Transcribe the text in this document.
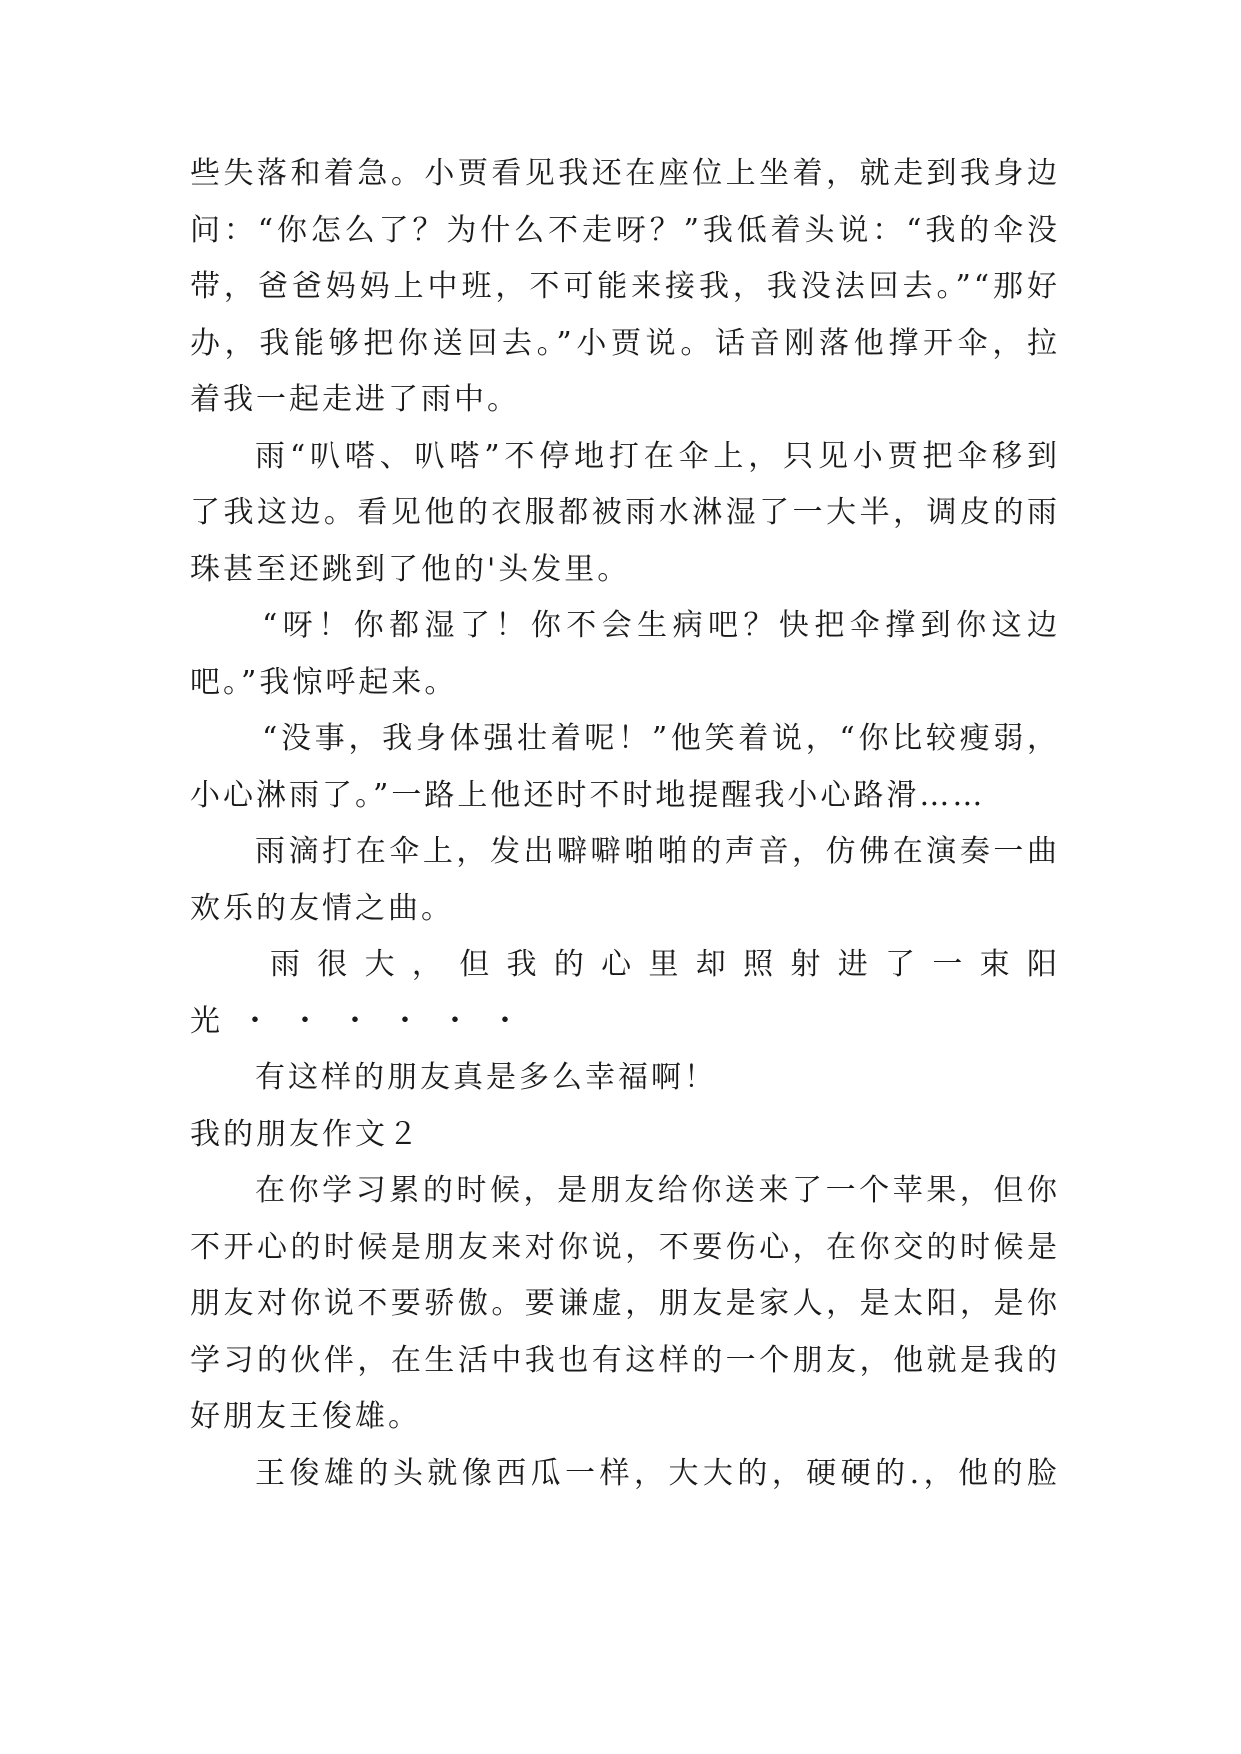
些失落和着急。小贾看见我还在座位上坐着，就走到我身边
问：“你怎么了？为什么不走呀？”我低着头说：“我的伞没
带，爸爸妈妈上中班，不可能来接我，我没法回去。”“那好
办，我能够把你送回去。”小贾说。话音刚落他撑开伞，拉
着我一起走进了雨中。
雨“叭嗒、叭嗒”不停地打在伞上，只见小贾把伞移到
了我这边。看见他的衣服都被雨水淋湿了一大半，调皮的雨
珠甚至还跳到了他的'头发里。
“呀！你都湿了！你不会生病吧？快把伞撑到你这边
吧。”我惊呼起来。
“没事，我身体强壮着呢！”他笑着说，“你比较瘦弱，
小心淋雨了。”一路上他还时不时地提醒我小心路滑……
雨滴打在伞上，发出噼噼啪啪的声音，仿佛在演奏一曲
欢乐的友情之曲。
雨很大，但我的心里却照射进了一束阳
光・・・・・・
有这样的朋友真是多么幸福啊！
我的朋友作文２
在你学习累的时候，是朋友给你送来了一个苹果，但你
不开心的时候是朋友来对你说，不要伤心，在你交的时候是
朋友对你说不要骄傲。要谦虚，朋友是家人，是太阳，是你
学习的伙伴，在生活中我也有这样的一个朋友，他就是我的
好朋友王俊雄。
王俊雄的头就像西瓜一样，大大的，硬硬的.，他的脸
